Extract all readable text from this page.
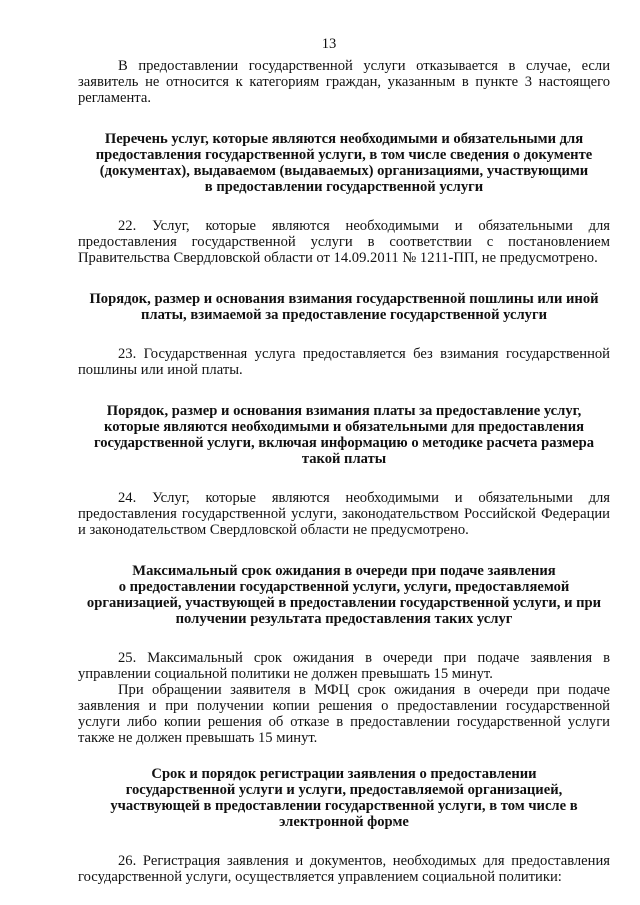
13

В предоставлении государственной услуги отказывается в случае, если заявитель не относится к категориям граждан, указанным в пункте 3 настоящего регламента.

Перечень услуг, которые являются необходимыми и обязательными для
предоставления государственной услуги, в том числе сведения о документе
(документах), выдаваемом (выдаваемых) организациями, участвующими
в предоставлении государственной услуги

22. Услуг, которые являются необходимыми и обязательными для предоставления государственной услуги в соответствии с постановлением Правительства Свердловской области от 14.09.2011 № 1211-ПП, не предусмотрено.

Порядок, размер и основания взимания государственной пошлины или иной
платы, взимаемой за предоставление государственной услуги

23. Государственная услуга предоставляется без взимания государственной пошлины или иной платы.

Порядок, размер и основания взимания платы за предоставление услуг,
которые являются необходимыми и обязательными для предоставления
государственной услуги, включая информацию о методике расчета размера
такой платы

24. Услуг, которые являются необходимыми и обязательными для предоставления государственной услуги, законодательством Российской Федерации и законодательством Свердловской области не предусмотрено.

Максимальный срок ожидания в очереди при подаче заявления
о предоставлении государственной услуги, услуги, предоставляемой
организацией, участвующей в предоставлении государственной услуги, и при
получении результата предоставления таких услуг

25. Максимальный срок ожидания в очереди при подаче заявления в управлении социальной политики не должен превышать 15 минут.

При обращении заявителя в МФЦ срок ожидания в очереди при подаче заявления и при получении копии решения о предоставлении государственной услуги либо копии решения об отказе в предоставлении государственной услуги также не должен превышать 15 минут.

Срок и порядок регистрации заявления о предоставлении
государственной услуги и услуги, предоставляемой организацией,
участвующей в предоставлении государственной услуги, в том числе в
электронной форме

26. Регистрация заявления и документов, необходимых для предоставления государственной услуги, осуществляется управлением социальной политики:
